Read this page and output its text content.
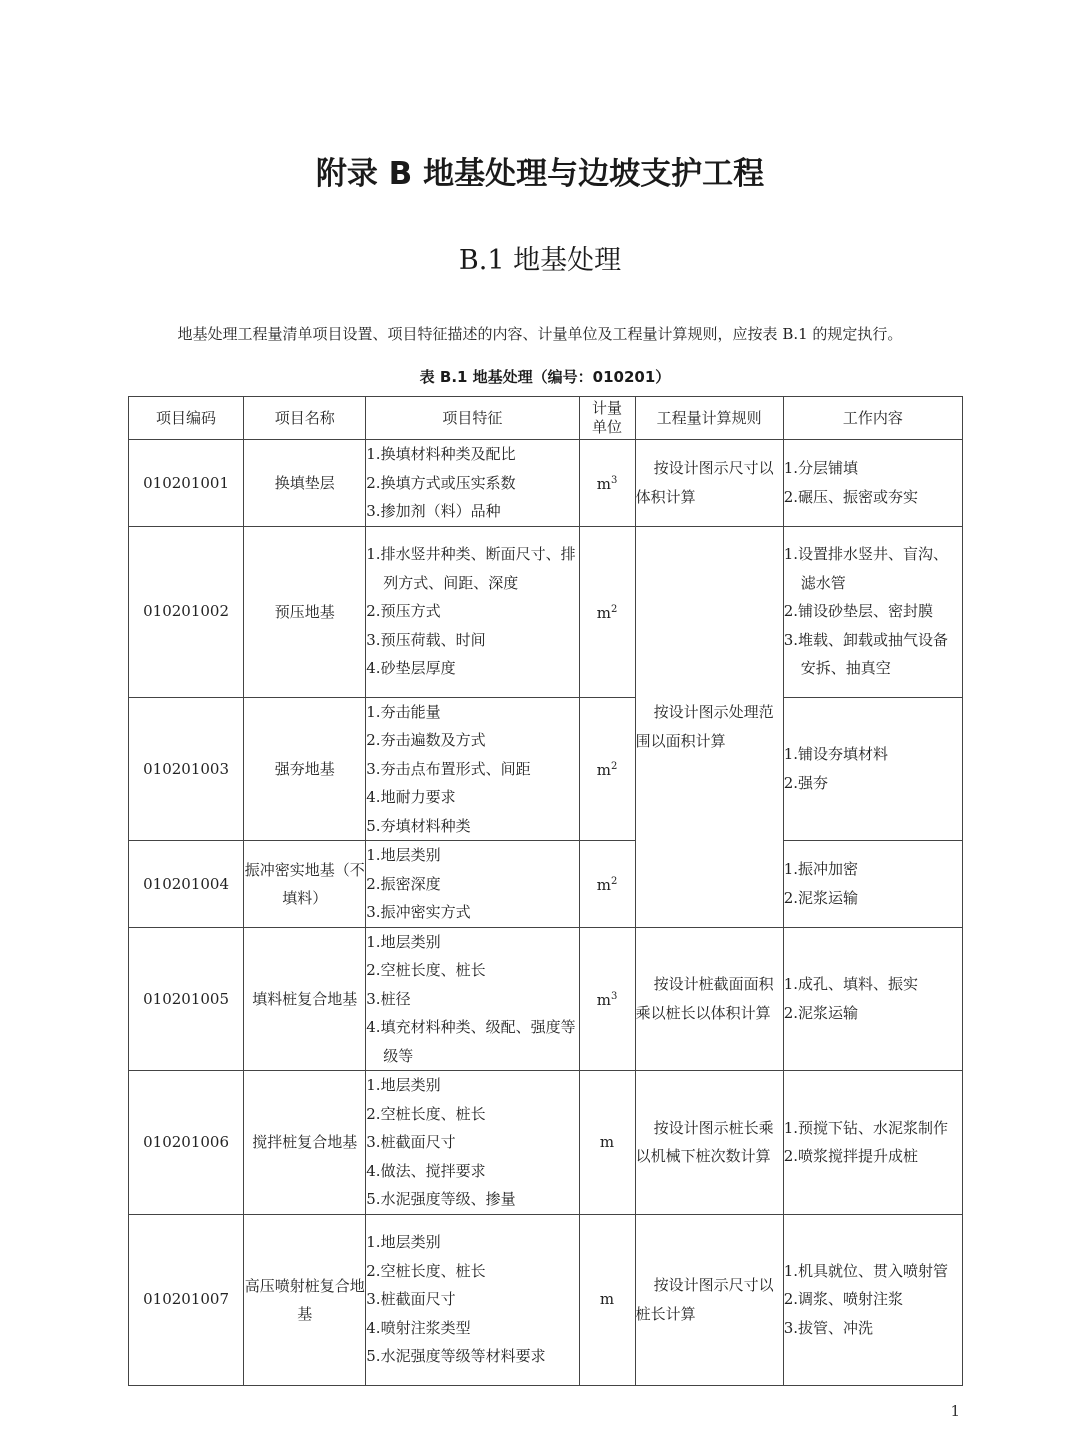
附录 B 地基处理与边坡支护工程
B.1 地基处理
地基处理工程量清单项目设置、项目特征描述的内容、计量单位及工程量计算规则，应按表 B.1 的规定执行。
表 B.1 地基处理（编号：010201）
项目编码	项目名称	项目特征	计量单位	工程量计算规则	工作内容
010201001	换填垫层	1.换填材料种类及配比
2.换填方式或压实系数
3.掺加剂（料）品种	$m^3$	按设计图示尺寸以体积计算	1.分层铺填
2.碾压、振密或夯实

010201002	预压地基	1.排水竖井种类、断面尺寸、排列方式、间距、深度
2.预压方式
3.预压荷载、时间
4.砂垫层厚度	$m^2$	按设计图示处理范围以面积计算	1.设置排水竖井、盲沟、滤水管
2.铺设砂垫层、密封膜
3.堆载、卸载或抽气设备安拆、抽真空

010201003	强夯地基	1.夯击能量
2.夯击遍数及方式
3.夯击点布置形式、间距
4.地耐力要求
5.夯填材料种类	$m^2$		1.铺设夯填材料
2.强夯

010201004	振冲密实地基（不填料）	1.地层类别
2.振密深度
3.振冲密实方式	$m^2$		1.振冲加密
2.泥浆运输

010201005	填料桩复合地基	1.地层类别
2.空桩长度、桩长
3.桩径
4.填充材料种类、级配、强度等级等	$m^3$	按设计桩截面面积乘以桩长以体积计算	1.成孔、填料、振实
2.泥浆运输

010201006	搅拌桩复合地基	1.地层类别
2.空桩长度、桩长
3.桩截面尺寸
4.做法、搅拌要求
5.水泥强度等级、掺量	m	按设计图示桩长乘以机械下桩次数计算	1.预搅下钻、水泥浆制作
2.喷浆搅拌提升成桩

010201007	高压喷射桩复合地基	1.地层类别
2.空桩长度、桩长
3.桩截面尺寸
4.喷射注浆类型
5.水泥强度等级等材料要求	m	按设计图示尺寸以桩长计算	1.机具就位、贯入喷射管
2.调浆、喷射注浆
3.拔管、冲洗
1
